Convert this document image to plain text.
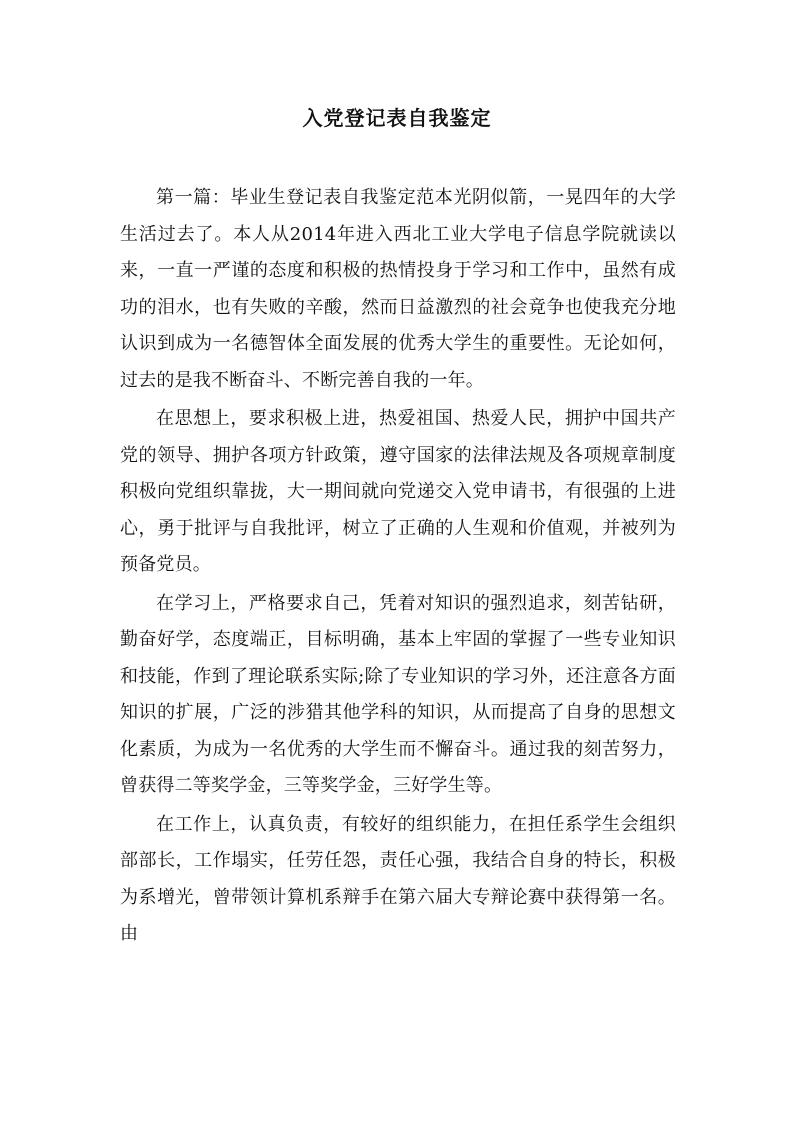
入党登记表自我鉴定

第一篇：毕业生登记表自我鉴定范本光阴似箭，一晃四年的大学生活过去了。本人从2014年进入西北工业大学电子信息学院就读以来，一直一严谨的态度和积极的热情投身于学习和工作中，虽然有成功的泪水，也有失败的辛酸，然而日益激烈的社会竟争也使我充分地认识到成为一名德智体全面发展的优秀大学生的重要性。无论如何，过去的是我不断奋斗、不断完善自我的一年。

在思想上，要求积极上进，热爱祖国、热爱人民，拥护中国共产党的领导、拥护各项方针政策，遵守国家的法律法规及各项规章制度积极向党组织靠拢，大一期间就向党递交入党申请书，有很强的上进心，勇于批评与自我批评，树立了正确的人生观和价值观，并被列为预备党员。

在学习上，严格要求自己，凭着对知识的强烈追求，刻苦钻研，勤奋好学，态度端正，目标明确，基本上牢固的掌握了一些专业知识和技能，作到了理论联系实际;除了专业知识的学习外，还注意各方面知识的扩展，广泛的涉猎其他学科的知识，从而提高了自身的思想文化素质，为成为一名优秀的大学生而不懈奋斗。通过我的刻苦努力，曾获得二等奖学金，三等奖学金，三好学生等。

在工作上，认真负责，有较好的组织能力，在担任系学生会组织部部长，工作塌实，任劳任怨，责任心强，我结合自身的特长，积极为系增光，曾带领计算机系辩手在第六届大专辩论赛中获得第一名。由
